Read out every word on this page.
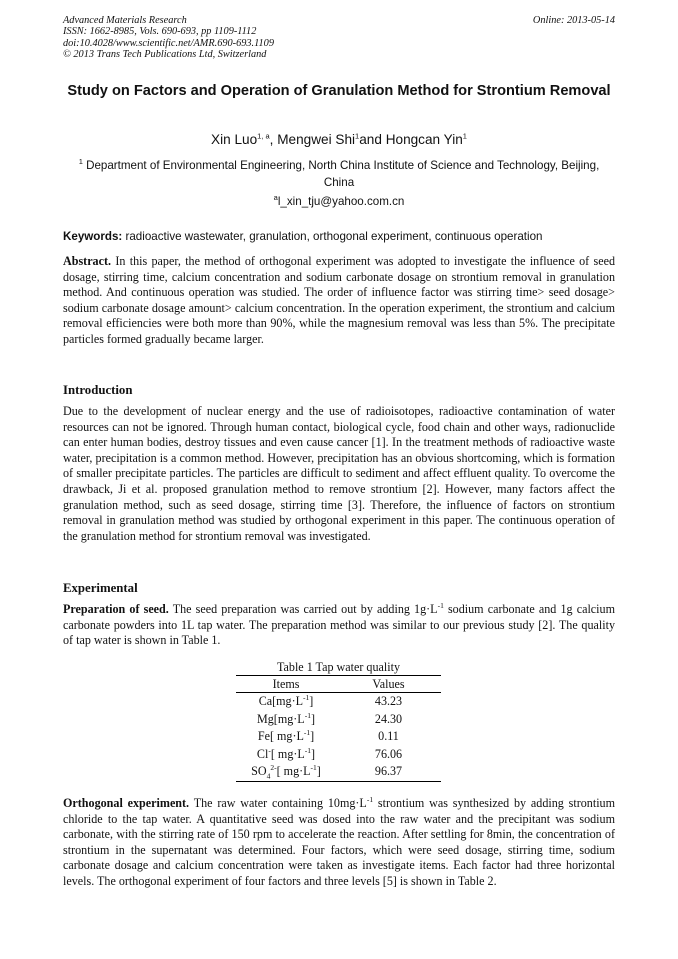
Advanced Materials Research
ISSN: 1662-8985, Vols. 690-693, pp 1109-1112
doi:10.4028/www.scientific.net/AMR.690-693.1109
© 2013 Trans Tech Publications Ltd, Switzerland
Online: 2013-05-14
Study on Factors and Operation of Granulation Method for Strontium Removal
Xin Luo$^{1, a}$, Mengwei Shi$^1$and Hongcan Yin$^1$
$^1$ Department of Environmental Engineering, North China Institute of Science and Technology, Beijing, China
$^a$l_xin_tju@yahoo.com.cn
Keywords: radioactive wastewater, granulation, orthogonal experiment, continuous operation
Abstract. In this paper, the method of orthogonal experiment was adopted to investigate the influence of seed dosage, stirring time, calcium concentration and sodium carbonate dosage on strontium removal in granulation method. And continuous operation was studied. The order of influence factor was stirring time> seed dosage> sodium carbonate dosage amount> calcium concentration. In the operation experiment, the strontium and calcium removal efficiencies were both more than 90%, while the magnesium removal was less than 5%. The precipitate particles formed gradually became larger.
Introduction
Due to the development of nuclear energy and the use of radioisotopes, radioactive contamination of water resources can not be ignored. Through human contact, biological cycle, food chain and other ways, radionuclide can enter human bodies, destroy tissues and even cause cancer [1]. In the treatment methods of radioactive waste water, precipitation is a common method. However, precipitation has an obvious shortcoming, which is formation of smaller precipitate particles. The particles are difficult to sediment and affect effluent quality. To overcome the drawback, Ji et al. proposed granulation method to remove strontium [2]. However, many factors affect the granulation method, such as seed dosage, stirring time [3]. Therefore, the influence of factors on strontium removal in granulation method was studied by orthogonal experiment in this paper. The continuous operation of the granulation method for strontium removal was investigated.
Experimental
Preparation of seed. The seed preparation was carried out by adding $1g\cdot L^{-1}$ sodium carbonate and 1g calcium carbonate powders into 1L tap water. The preparation method was similar to our previous study [2]. The quality of tap water is shown in Table 1.
Table 1 Tap water quality
Items	Values
$Ca[mg\cdot L^{-1}]$	43.23
$Mg[mg\cdot L^{-1}]$	24.30
Fe[ $mg\cdot L^{-1}$]	0.11
Cl-[ $mg\cdot L^{-1}$]	76.06
$SO_4^{2-}$[ $mg\cdot L^{-1}$]	96.37
Orthogonal experiment. The raw water containing $10mg\cdot L^{-1}$ strontium was synthesized by adding strontium chloride to the tap water. A quantitative seed was dosed into the raw water and the precipitant was sodium carbonate, with the stirring rate of 150 rpm to accelerate the reaction. After settling for 8min, the concentration of strontium in the supernatant was determined. Four factors, which were seed dosage, stirring time, sodium carbonate dosage and calcium concentration were taken as investigate items. Each factor had three horizontal levels. The orthogonal experiment of four factors and three levels [5] is shown in Table 2.
